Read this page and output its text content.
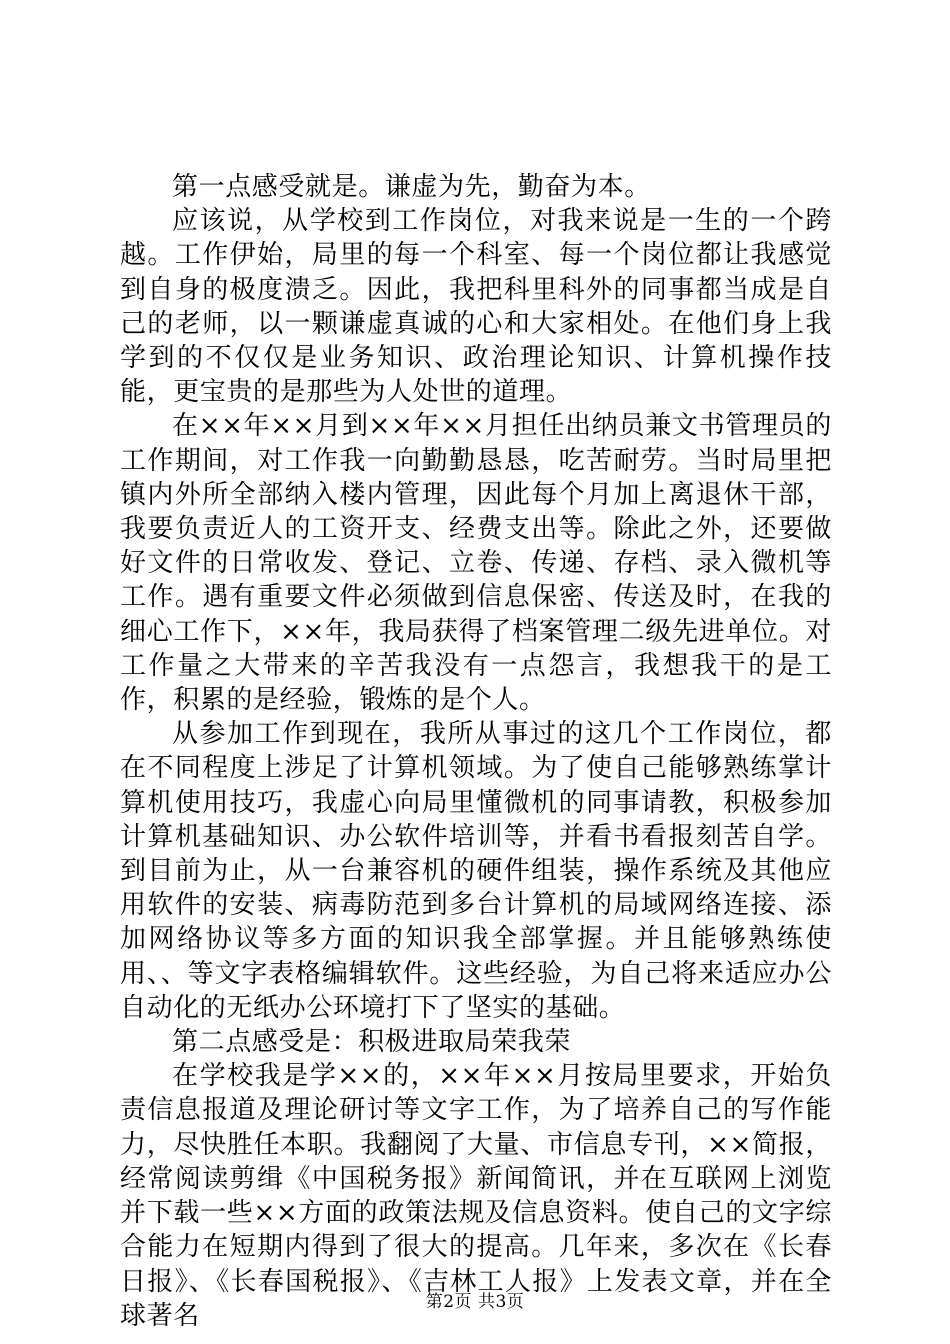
第一点感受就是。谦虚为先，勤奋为本。

应该说，从学校到工作岗位，对我来说是一生的一个跨越。工作伊始，局里的每一个科室、每一个岗位都让我感觉到自身的极度溃乏。因此，我把科里科外的同事都当成是自己的老师，以一颗谦虚真诚的心和大家相处。在他们身上我学到的不仅仅是业务知识、政治理论知识、计算机操作技能，更宝贵的是那些为人处世的道理。

在××年××月到××年××月担任出纳员兼文书管理员的工作期间，对工作我一向勤勤恳恳，吃苦耐劳。当时局里把镇内外所全部纳入楼内管理，因此每个月加上离退休干部，我要负责近人的工资开支、经费支出等。除此之外，还要做好文件的日常收发、登记、立卷、传递、存档、录入微机等工作。遇有重要文件必须做到信息保密、传送及时，在我的细心工作下，××年，我局获得了档案管理二级先进单位。对工作量之大带来的辛苦我没有一点怨言，我想我干的是工作，积累的是经验，锻炼的是个人。

从参加工作到现在，我所从事过的这几个工作岗位，都在不同程度上涉足了计算机领域。为了使自己能够熟练掌计算机使用技巧，我虚心向局里懂微机的同事请教，积极参加计算机基础知识、办公软件培训等，并看书看报刻苦自学。到目前为止，从一台兼容机的硬件组装，操作系统及其他应用软件的安装、病毒防范到多台计算机的局域网络连接、添加网络协议等多方面的知识我全部掌握。并且能够熟练使用、、等文字表格编辑软件。这些经验，为自己将来适应办公自动化的无纸办公环境打下了坚实的基础。

第二点感受是：积极进取局荣我荣

在学校我是学××的，××年××月按局里要求，开始负责信息报道及理论研讨等文字工作，为了培养自己的写作能力，尽快胜任本职。我翻阅了大量、市信息专刊，××简报，经常阅读剪缉《中国税务报》新闻简讯，并在互联网上浏览并下载一些××方面的政策法规及信息资料。使自己的文字综合能力在短期内得到了很大的提高。几年来，多次在《长春日报》、《长春国税报》、《吉林工人报》上发表文章，并在全球著名	第2页 共3页
